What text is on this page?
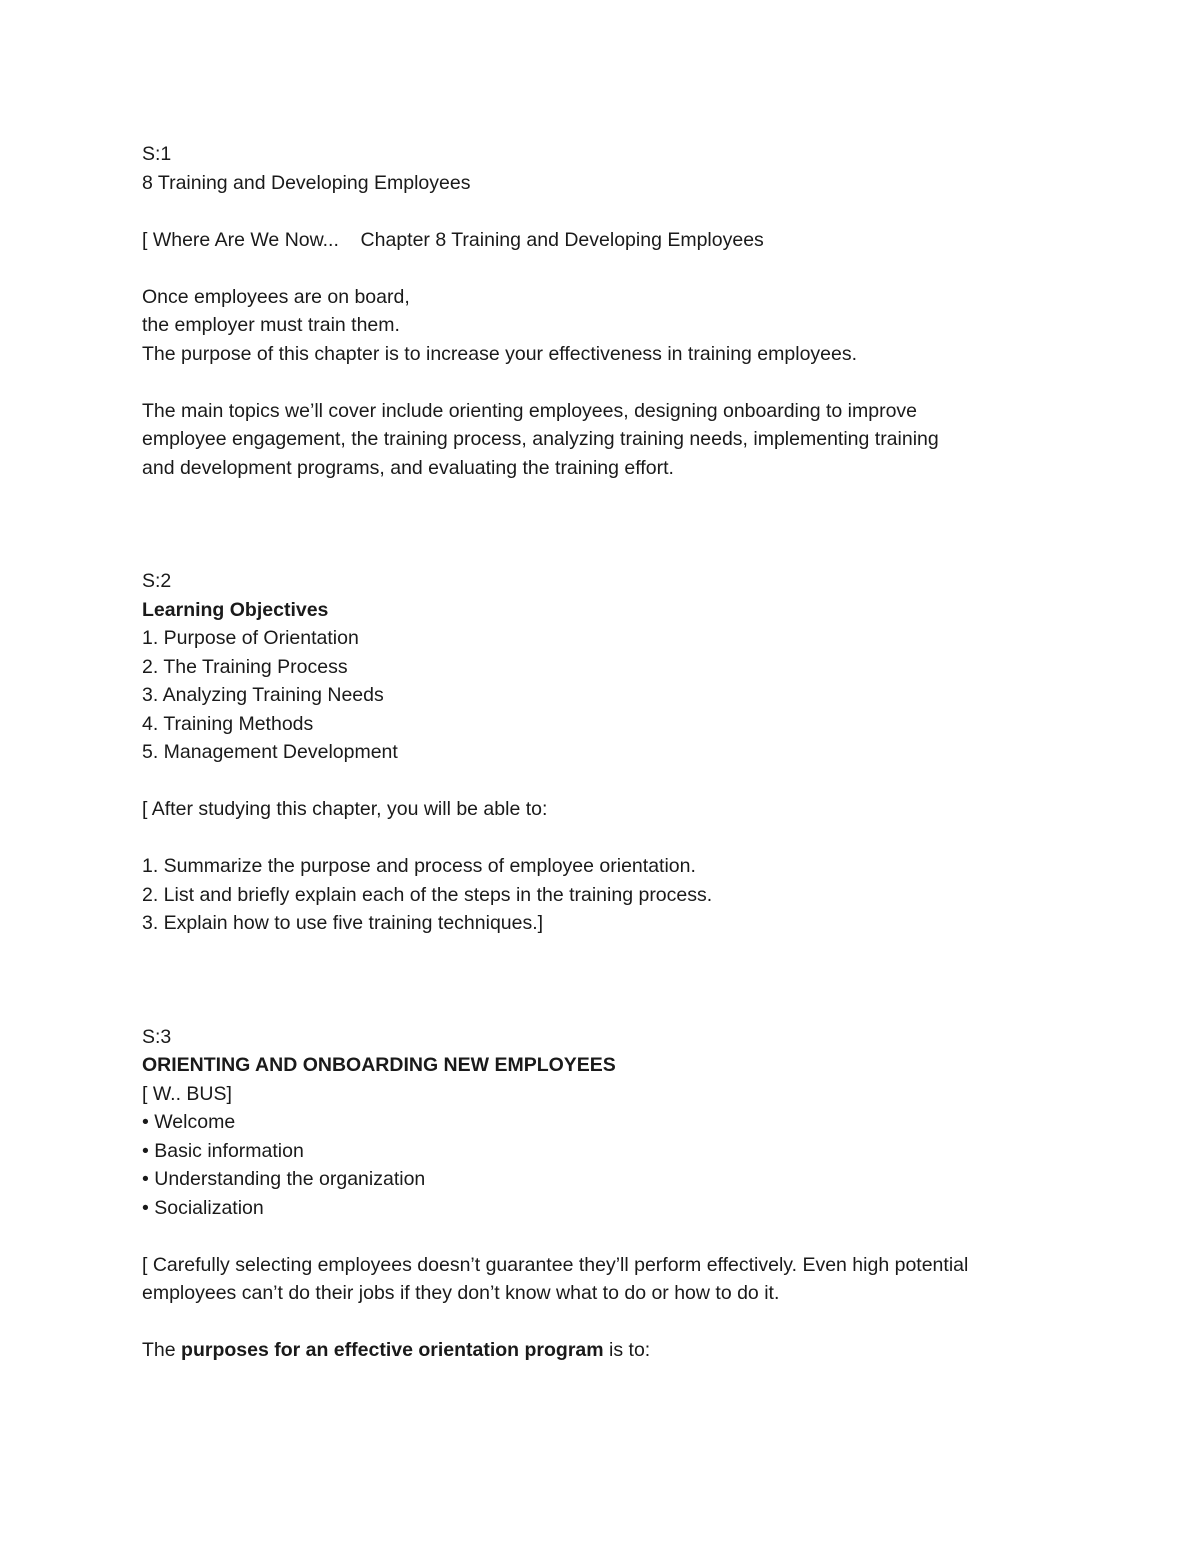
S:1
8 Training and Developing Employees
[ Where Are We Now...    Chapter 8 Training and Developing Employees
Once employees are on board,
the employer must train them.
The purpose of this chapter is to increase your effectiveness in training employees.
The main topics we’ll cover include orienting employees, designing onboarding to improve
employee engagement, the training process, analyzing training needs, implementing training
and development programs, and evaluating the training effort.
S:2
Learning Objectives
1. Purpose of Orientation
2. The Training Process
3. Analyzing Training Needs
4. Training Methods
5. Management Development
[ After studying this chapter, you will be able to:
1. Summarize the purpose and process of employee orientation.
2. List and briefly explain each of the steps in the training process.
3. Explain how to use five training techniques.]
S:3
ORIENTING AND ONBOARDING NEW EMPLOYEES
[ W.. BUS]
• Welcome
• Basic information
• Understanding the organization
• Socialization
[ Carefully selecting employees doesn’t guarantee they’ll perform effectively. Even high potential
employees can’t do their jobs if they don’t know what to do or how to do it.
The purposes for an effective orientation program is to:
